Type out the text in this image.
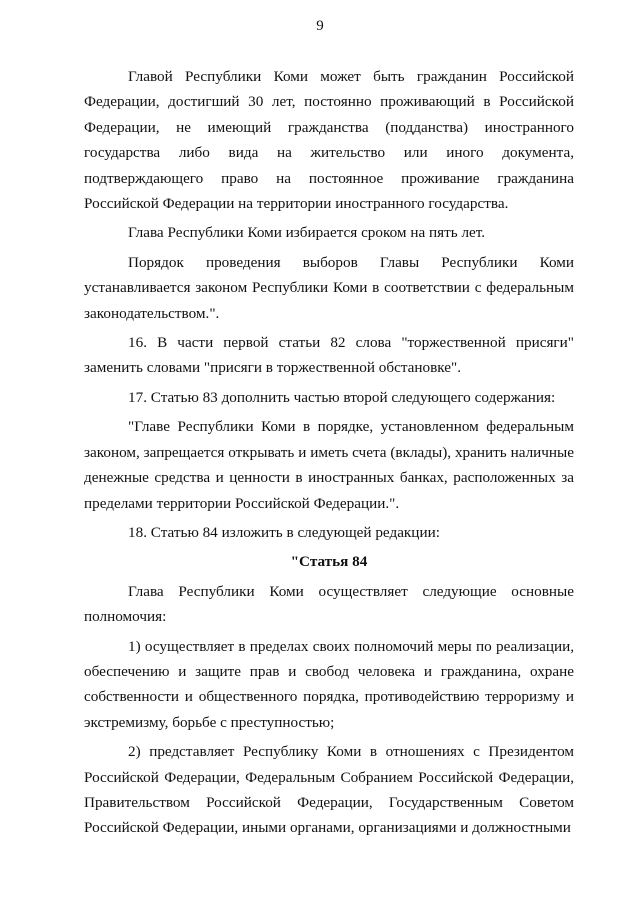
9

Главой Республики Коми может быть гражданин Российской Федерации, достигший 30 лет, постоянно проживающий в Российской Федерации, не имеющий гражданства (подданства) иностранного государства либо вида на жительство или иного документа, подтверждающего право на постоянное проживание гражданина Российской Федерации на территории иностранного государства.

Глава Республики Коми избирается сроком на пять лет.

Порядок проведения выборов Главы Республики Коми устанавливается законом Республики Коми в соответствии с федеральным законодательством.".

16. В части первой статьи 82 слова "торжественной присяги" заменить словами "присяги в торжественной обстановке".

17. Статью 83 дополнить частью второй следующего содержания:

"Главе Республики Коми в порядке, установленном федеральным законом, запрещается открывать и иметь счета (вклады), хранить наличные денежные средства и ценности в иностранных банках, расположенных за пределами территории Российской Федерации.".

18. Статью 84 изложить в следующей редакции:

"Статья 84

Глава Республики Коми осуществляет следующие основные полномочия:

1) осуществляет в пределах своих полномочий меры по реализации, обеспечению и защите прав и свобод человека и гражданина, охране собственности и общественного порядка, противодействию терроризму и экстремизму, борьбе с преступностью;

2) представляет Республику Коми в отношениях с Президентом Российской Федерации, Федеральным Собранием Российской Федерации, Правительством Российской Федерации, Государственным Советом Российской Федерации, иными органами, организациями и должностными
